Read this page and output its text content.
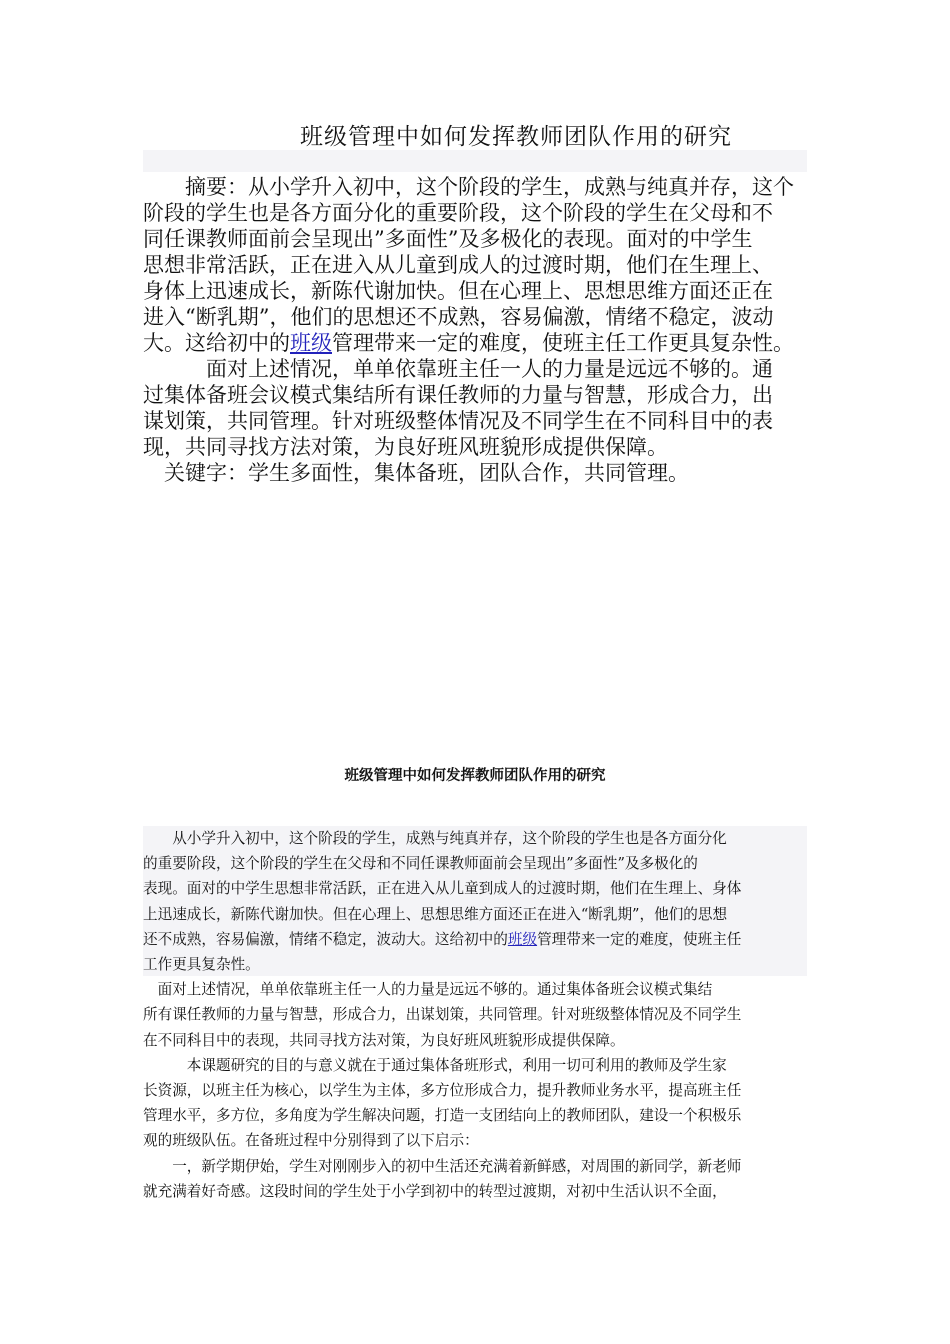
班级管理中如何发挥教师团队作用的研究

　　摘要：从小学升入初中，这个阶段的学生，成熟与纯真并存，这个

阶段的学生也是各方面分化的重要阶段，这个阶段的学生在父母和不

同任课教师面前会呈现出”多面性”及多极化的表现。面对的中学生

思想非常活跃，正在进入从儿童到成人的过渡时期，他们在生理上、

身体上迅速成长，新陈代谢加快。但在心理上、思想思维方面还正在

进入“断乳期”，他们的思想还不成熟，容易偏激，情绪不稳定，波动

大。这给初中的班级管理带来一定的难度，使班主任工作更具复杂性。

　　　面对上述情况，单单依靠班主任一人的力量是远远不够的。通

过集体备班会议模式集结所有课任教师的力量与智慧，形成合力，出

谋划策，共同管理。针对班级整体情况及不同学生在不同科目中的表

现，共同寻找方法对策，为良好班风班貌形成提供保障。

　关键字：学生多面性，集体备班，团队合作，共同管理。

班级管理中如何发挥教师团队作用的研究

　　从小学升入初中，这个阶段的学生，成熟与纯真并存，这个阶段的学生也是各方面分化

的重要阶段，这个阶段的学生在父母和不同任课教师面前会呈现出”多面性”及多极化的

表现。面对的中学生思想非常活跃，正在进入从儿童到成人的过渡时期，他们在生理上、身体

上迅速成长，新陈代谢加快。但在心理上、思想思维方面还正在进入“断乳期”，他们的思想

还不成熟，容易偏激，情绪不稳定，波动大。这给初中的班级管理带来一定的难度，使班主任

工作更具复杂性。

　面对上述情况，单单依靠班主任一人的力量是远远不够的。通过集体备班会议模式集结

所有课任教师的力量与智慧，形成合力，出谋划策，共同管理。针对班级整体情况及不同学生

在不同科目中的表现，共同寻找方法对策，为良好班风班貌形成提供保障。

　　　本课题研究的目的与意义就在于通过集体备班形式，利用一切可利用的教师及学生家

长资源，以班主任为核心，以学生为主体，多方位形成合力，提升教师业务水平，提高班主任

管理水平，多方位，多角度为学生解决问题，打造一支团结向上的教师团队，建设一个积极乐

观的班级队伍。在备班过程中分别得到了以下启示：

　　一，新学期伊始，学生对刚刚步入的初中生活还充满着新鲜感，对周围的新同学，新老师

就充满着好奇感。这段时间的学生处于小学到初中的转型过渡期，对初中生活认识不全面，
